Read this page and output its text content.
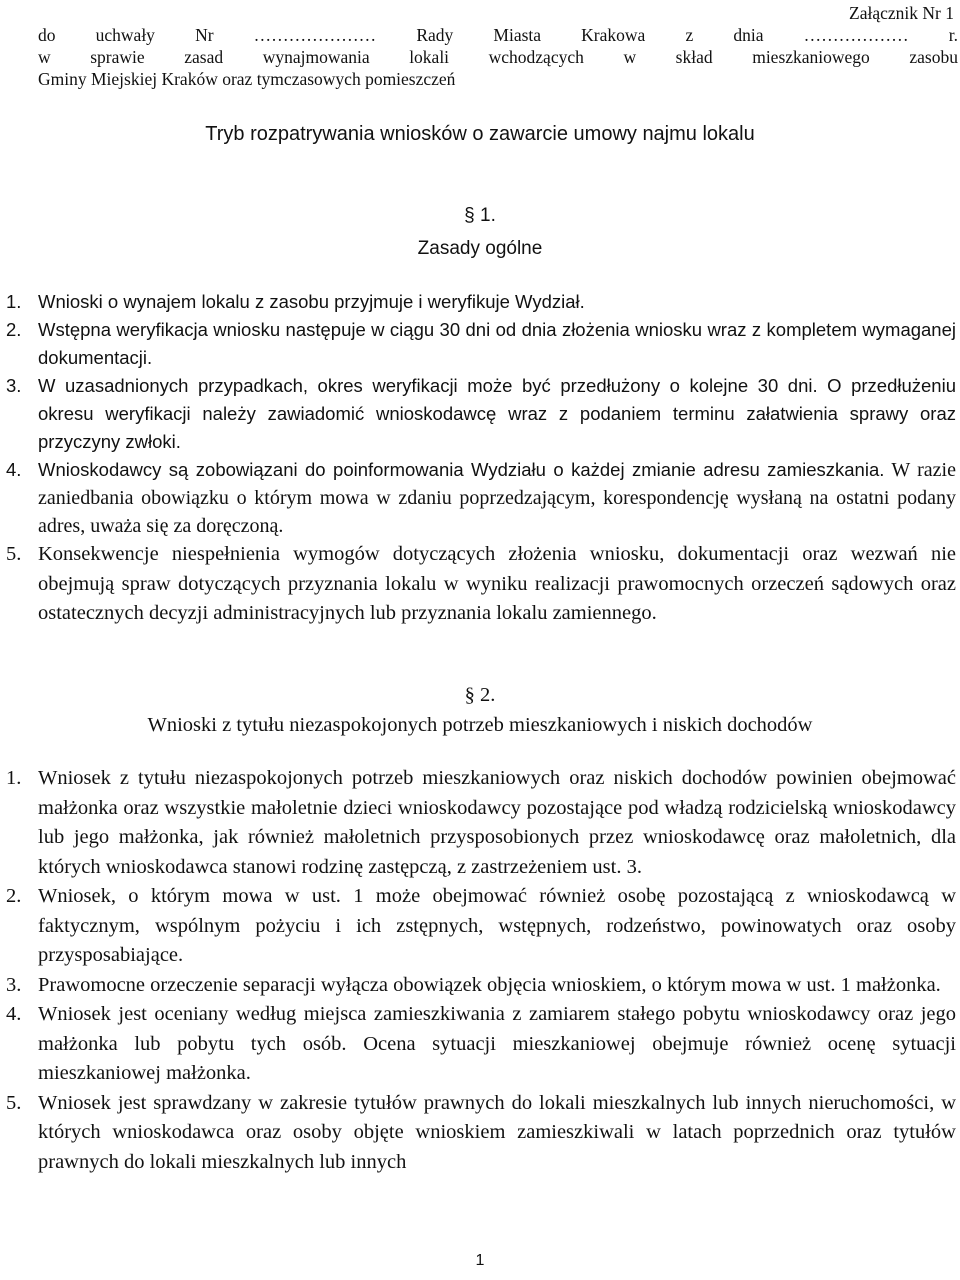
Załącznik Nr 1
do uchwały Nr ………………… Rady Miasta Krakowa z dnia ……………… r.
w sprawie zasad wynajmowania lokali wchodzących w skład mieszkaniowego zasobu
Gminy Miejskiej Kraków oraz tymczasowych pomieszczeń
Tryb rozpatrywania wniosków o zawarcie umowy najmu lokalu
§ 1.
Zasady ogólne
1. Wnioski o wynajem lokalu z zasobu przyjmuje i weryfikuje Wydział.
2. Wstępna weryfikacja wniosku następuje w ciągu 30 dni od dnia złożenia wniosku wraz z kompletem wymaganej dokumentacji.
3. W uzasadnionych przypadkach, okres weryfikacji może być przedłużony o kolejne 30 dni. O przedłużeniu okresu weryfikacji należy zawiadomić wnioskodawcę wraz z podaniem terminu załatwienia sprawy oraz przyczyny zwłoki.
4. Wnioskodawcy są zobowiązani do poinformowania Wydziału o każdej zmianie adresu zamieszkania. W razie zaniedbania obowiązku o którym mowa w zdaniu poprzedzającym, korespondencję wysłaną na ostatni podany adres, uważa się za doręczoną.
5. Konsekwencje niespełnienia wymogów dotyczących złożenia wniosku, dokumentacji oraz wezwań nie obejmują spraw dotyczących przyznania lokalu w wyniku realizacji prawomocnych orzeczeń sądowych oraz ostatecznych decyzji administracyjnych lub przyznania lokalu zamiennego.
§ 2.
Wnioski z tytułu niezaspokojonych potrzeb mieszkaniowych i niskich dochodów
1. Wniosek z tytułu niezaspokojonych potrzeb mieszkaniowych oraz niskich dochodów powinien obejmować małżonka oraz wszystkie małoletnie dzieci wnioskodawcy pozostające pod władzą rodzicielską wnioskodawcy lub jego małżonka, jak również małoletnich przysposobionych przez wnioskodawcę oraz małoletnich, dla których wnioskodawca stanowi rodzinę zastępczą, z zastrzeżeniem ust. 3.
2. Wniosek, o którym mowa w ust. 1 może obejmować również osobę pozostającą z wnioskodawcą w faktycznym, wspólnym pożyciu i ich zstępnych, wstępnych, rodzeństwo, powinowatych oraz osoby przysposabiające.
3. Prawomocne orzeczenie separacji wyłącza obowiązek objęcia wnioskiem, o którym mowa w ust. 1 małżonka.
4. Wniosek jest oceniany według miejsca zamieszkiwania z zamiarem stałego pobytu wnioskodawcy oraz jego małżonka lub pobytu tych osób. Ocena sytuacji mieszkaniowej obejmuje również ocenę sytuacji mieszkaniowej małżonka.
5. Wniosek jest sprawdzany w zakresie tytułów prawnych do lokali mieszkalnych lub innych nieruchomości, w których wnioskodawca oraz osoby objęte wnioskiem zamieszkiwali w latach poprzednich oraz tytułów prawnych do lokali mieszkalnych lub innych
1
